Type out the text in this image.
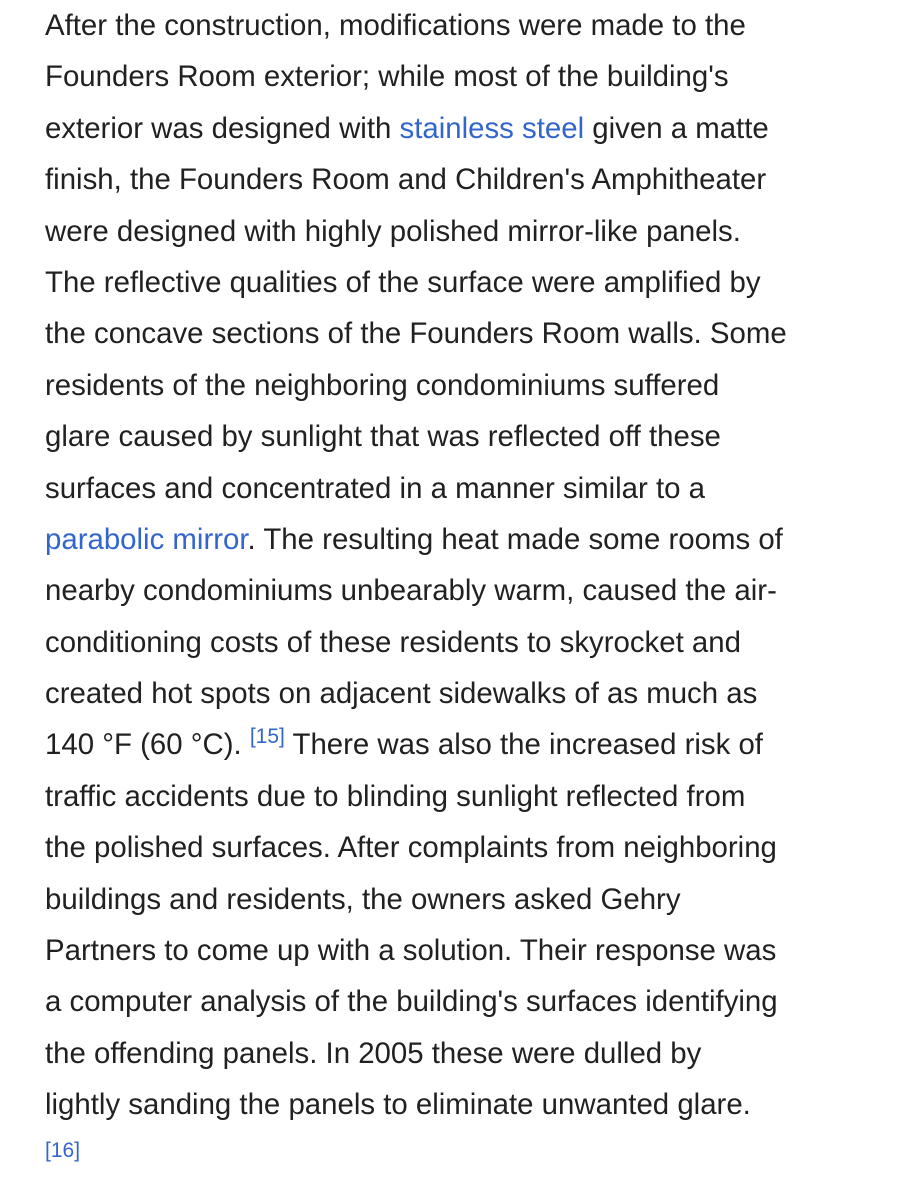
After the construction, modifications were made to the
Founders Room exterior; while most of the building's
exterior was designed with stainless steel given a matte
finish, the Founders Room and Children's Amphitheater
were designed with highly polished mirror-like panels.
The reflective qualities of the surface were amplified by
the concave sections of the Founders Room walls. Some
residents of the neighboring condominiums suffered
glare caused by sunlight that was reflected off these
surfaces and concentrated in a manner similar to a
parabolic mirror. The resulting heat made some rooms of
nearby condominiums unbearably warm, caused the air-
conditioning costs of these residents to skyrocket and
created hot spots on adjacent sidewalks of as much as
140 °F (60 °C). [15] There was also the increased risk of
traffic accidents due to blinding sunlight reflected from
the polished surfaces. After complaints from neighboring
buildings and residents, the owners asked Gehry
Partners to come up with a solution. Their response was
a computer analysis of the building's surfaces identifying
the offending panels. In 2005 these were dulled by
lightly sanding the panels to eliminate unwanted glare.
[16]
